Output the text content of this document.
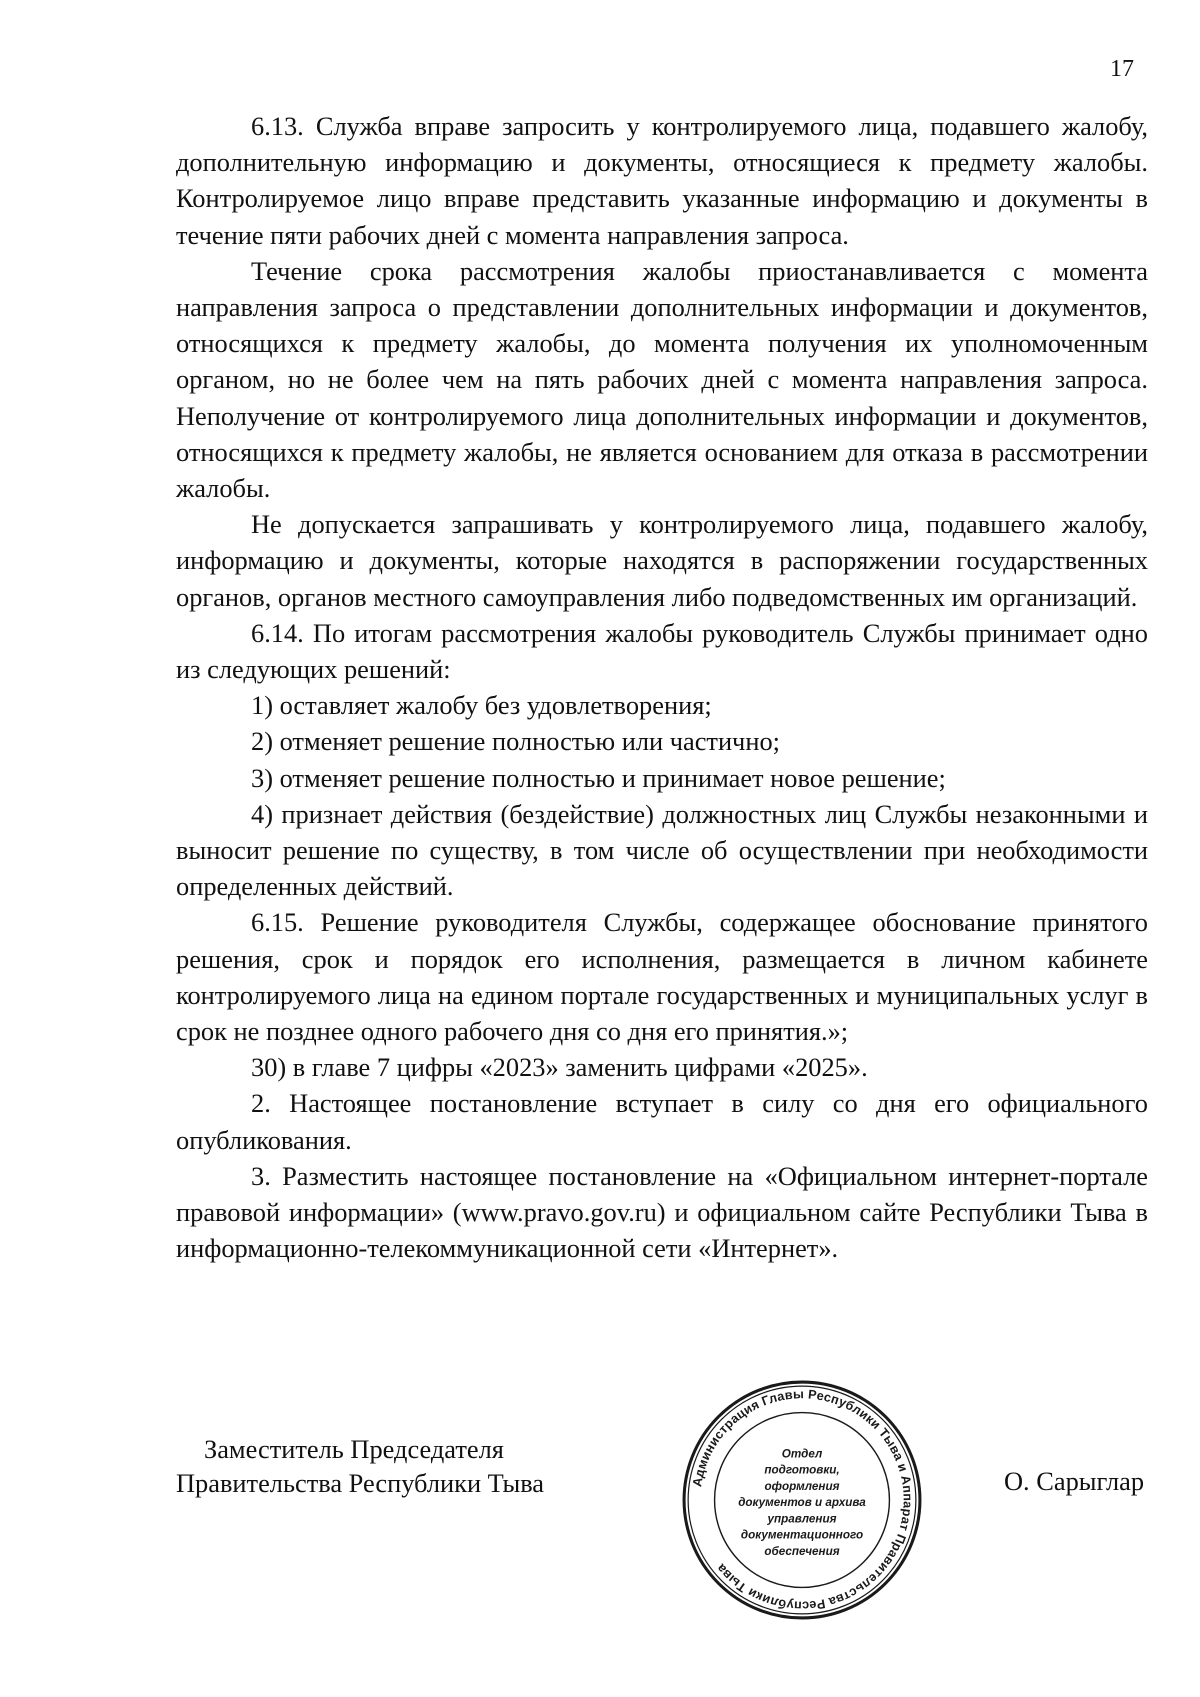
17

6.13. Служба вправе запросить у контролируемого лица, подавшего жалобу, дополнительную информацию и документы, относящиеся к предмету жалобы. Контролируемое лицо вправе представить указанные информацию и документы в течение пяти рабочих дней с момента направления запроса.

Течение срока рассмотрения жалобы приостанавливается с момента направления запроса о представлении дополнительных информации и документов, относящихся к предмету жалобы, до момента получения их уполномоченным органом, но не более чем на пять рабочих дней с момента направления запроса. Неполучение от контролируемого лица дополнительных информации и документов, относящихся к предмету жалобы, не является основанием для отказа в рассмотрении жалобы.

Не допускается запрашивать у контролируемого лица, подавшего жалобу, информацию и документы, которые находятся в распоряжении государственных органов, органов местного самоуправления либо подведомственных им организаций.

6.14. По итогам рассмотрения жалобы руководитель Службы принимает одно из следующих решений:

1) оставляет жалобу без удовлетворения;

2) отменяет решение полностью или частично;

3) отменяет решение полностью и принимает новое решение;

4) признает действия (бездействие) должностных лиц Службы незаконными и выносит решение по существу, в том числе об осуществлении при необходимости определенных действий.

6.15. Решение руководителя Службы, содержащее обоснование принятого решения, срок и порядок его исполнения, размещается в личном кабинете контролируемого лица на едином портале государственных и муниципальных услуг в срок не позднее одного рабочего дня со дня его принятия.»;

30) в главе 7 цифры «2023» заменить цифрами «2025».

2. Настоящее постановление вступает в силу со дня его официального опубликования.

3. Разместить настоящее постановление на «Официальном интернет-портале правовой информации» (www.pravo.gov.ru) и официальном сайте Республики Тыва в информационно-телекоммуникационной сети «Интернет».

Заместитель Председателя
Правительства Республики Тыва	Администрация Главы Республики Тыва и Аппарат Правительства Республики Тыва
Отдел
подготовки,
оформления
документов и архива
управления
документационного
обеспечения
О. Сарыглар
